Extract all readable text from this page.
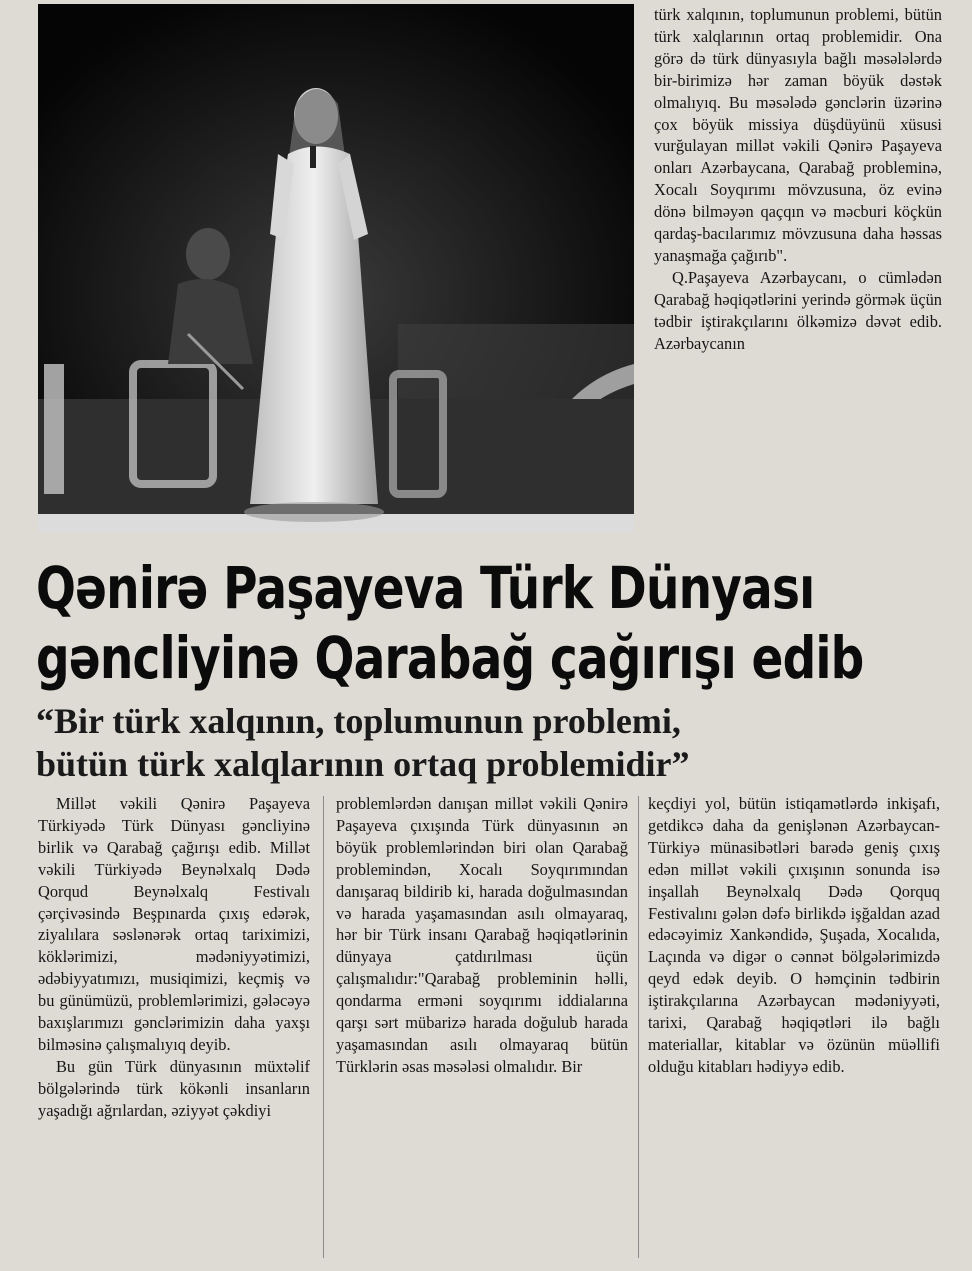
türk xalqının, toplumunun problemi, bütün türk xalqlarının ortaq problemidir. Ona görə də türk dünyasıyla bağlı məsələlərdə bir-birimizə hər zaman böyük dəstək olmalıyıq. Bu məsələdə gənclərin üzərinə çox böyük missiya düşdüyünü xüsusi vurğulayan millət vəkili Qənirə Paşayeva onları Azərbaycana, Qarabağ probleminə, Xocalı Soyqırımı mövzusuna, öz evinə dönə bilməyən qaçqın və məcburi köçkün qardaş-bacılarımız mövzusuna daha həssas yanaşmağa çağırıb".

Q.Paşayeva Azərbaycanı, o cümlədən Qarabağ həqiqətlərini yerində görmək üçün tədbir iştirakçılarını ölkəmizə dəvət edib. Azərbaycanın

Qənirə Paşayeva Türk Dünyası
gəncliyinə Qarabağ çağırışı edib
“Bir türk xalqının, toplumunun problemi,
bütün türk xalqlarının ortaq problemidir”

Millət vəkili Qənirə Paşayeva Türkiyədə Türk Dünyası gəncliyinə birlik və Qarabağ çağırışı edib. Millət vəkili Türkiyədə Beynəlxalq Dədə Qorqud Beynəlxalq Festivalı çərçivəsində Beşpınarda çıxış edərək, ziyalılara səslənərək ortaq tariximizi, köklərimizi, mədəniyyətimizi, ədəbiyyatımızı, musiqimizi, keçmiş və bu günümüzü, problemlərimizi, gələcəyə baxışlarımızı gənclərimizin daha yaxşı bilməsinə çalışmalıyıq deyib.

Bu gün Türk dünyasının müxtəlif bölgələrində türk kökənli insanların yaşadığı ağrılardan, əziyyət çəkdiyi

problemlərdən danışan millət vəkili Qənirə Paşayeva çıxışında Türk dünyasının ən böyük problemlərindən biri olan Qarabağ problemindən, Xocalı Soyqırımından danışaraq bildirib ki, harada doğulmasından və harada yaşamasından asılı olmayaraq, hər bir Türk insanı Qarabağ həqiqətlərinin dünyaya çatdırılması üçün çalışmalıdır:"Qarabağ probleminin həlli, qondarma erməni soyqırımı iddialarına qarşı sərt mübarizə harada doğulub harada yaşamasından asılı olmayaraq bütün Türklərin əsas məsələsi olmalıdır. Bir

keçdiyi yol, bütün istiqamətlərdə inkişafı, getdikcə daha da genişlənən Azərbaycan-Türkiyə münasibətləri barədə geniş çıxış edən millət vəkili çıxışının sonunda isə inşallah Beynəlxalq Dədə Qorquq Festivalını gələn dəfə birlikdə işğaldan azad edəcəyimiz Xankəndidə, Şuşada, Xocalıda, Laçında və digər o cənnət bölgələrimizdə qeyd edək deyib. O həmçinin tədbirin iştirakçılarına Azərbaycan mədəniyyəti, tarixi, Qarabağ həqiqətləri ilə bağlı materiallar, kitablar və özünün müəllifi olduğu kitabları hədiyyə edib.
